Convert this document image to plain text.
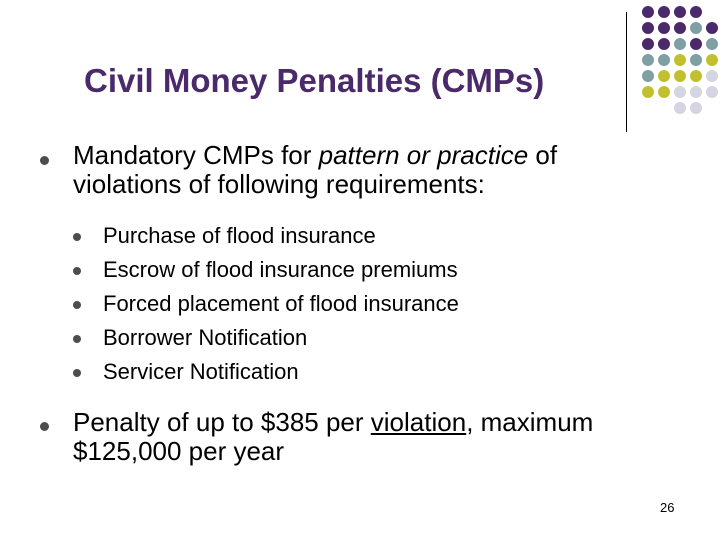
Civil Money Penalties (CMPs)

Mandatory CMPs for pattern or practice of
violations of following requirements:

Purchase of flood insurance

Escrow of flood insurance premiums

Forced placement of flood insurance

Borrower Notification

Servicer Notification

Penalty of up to $385 per violation, maximum
$125,000 per year

26
